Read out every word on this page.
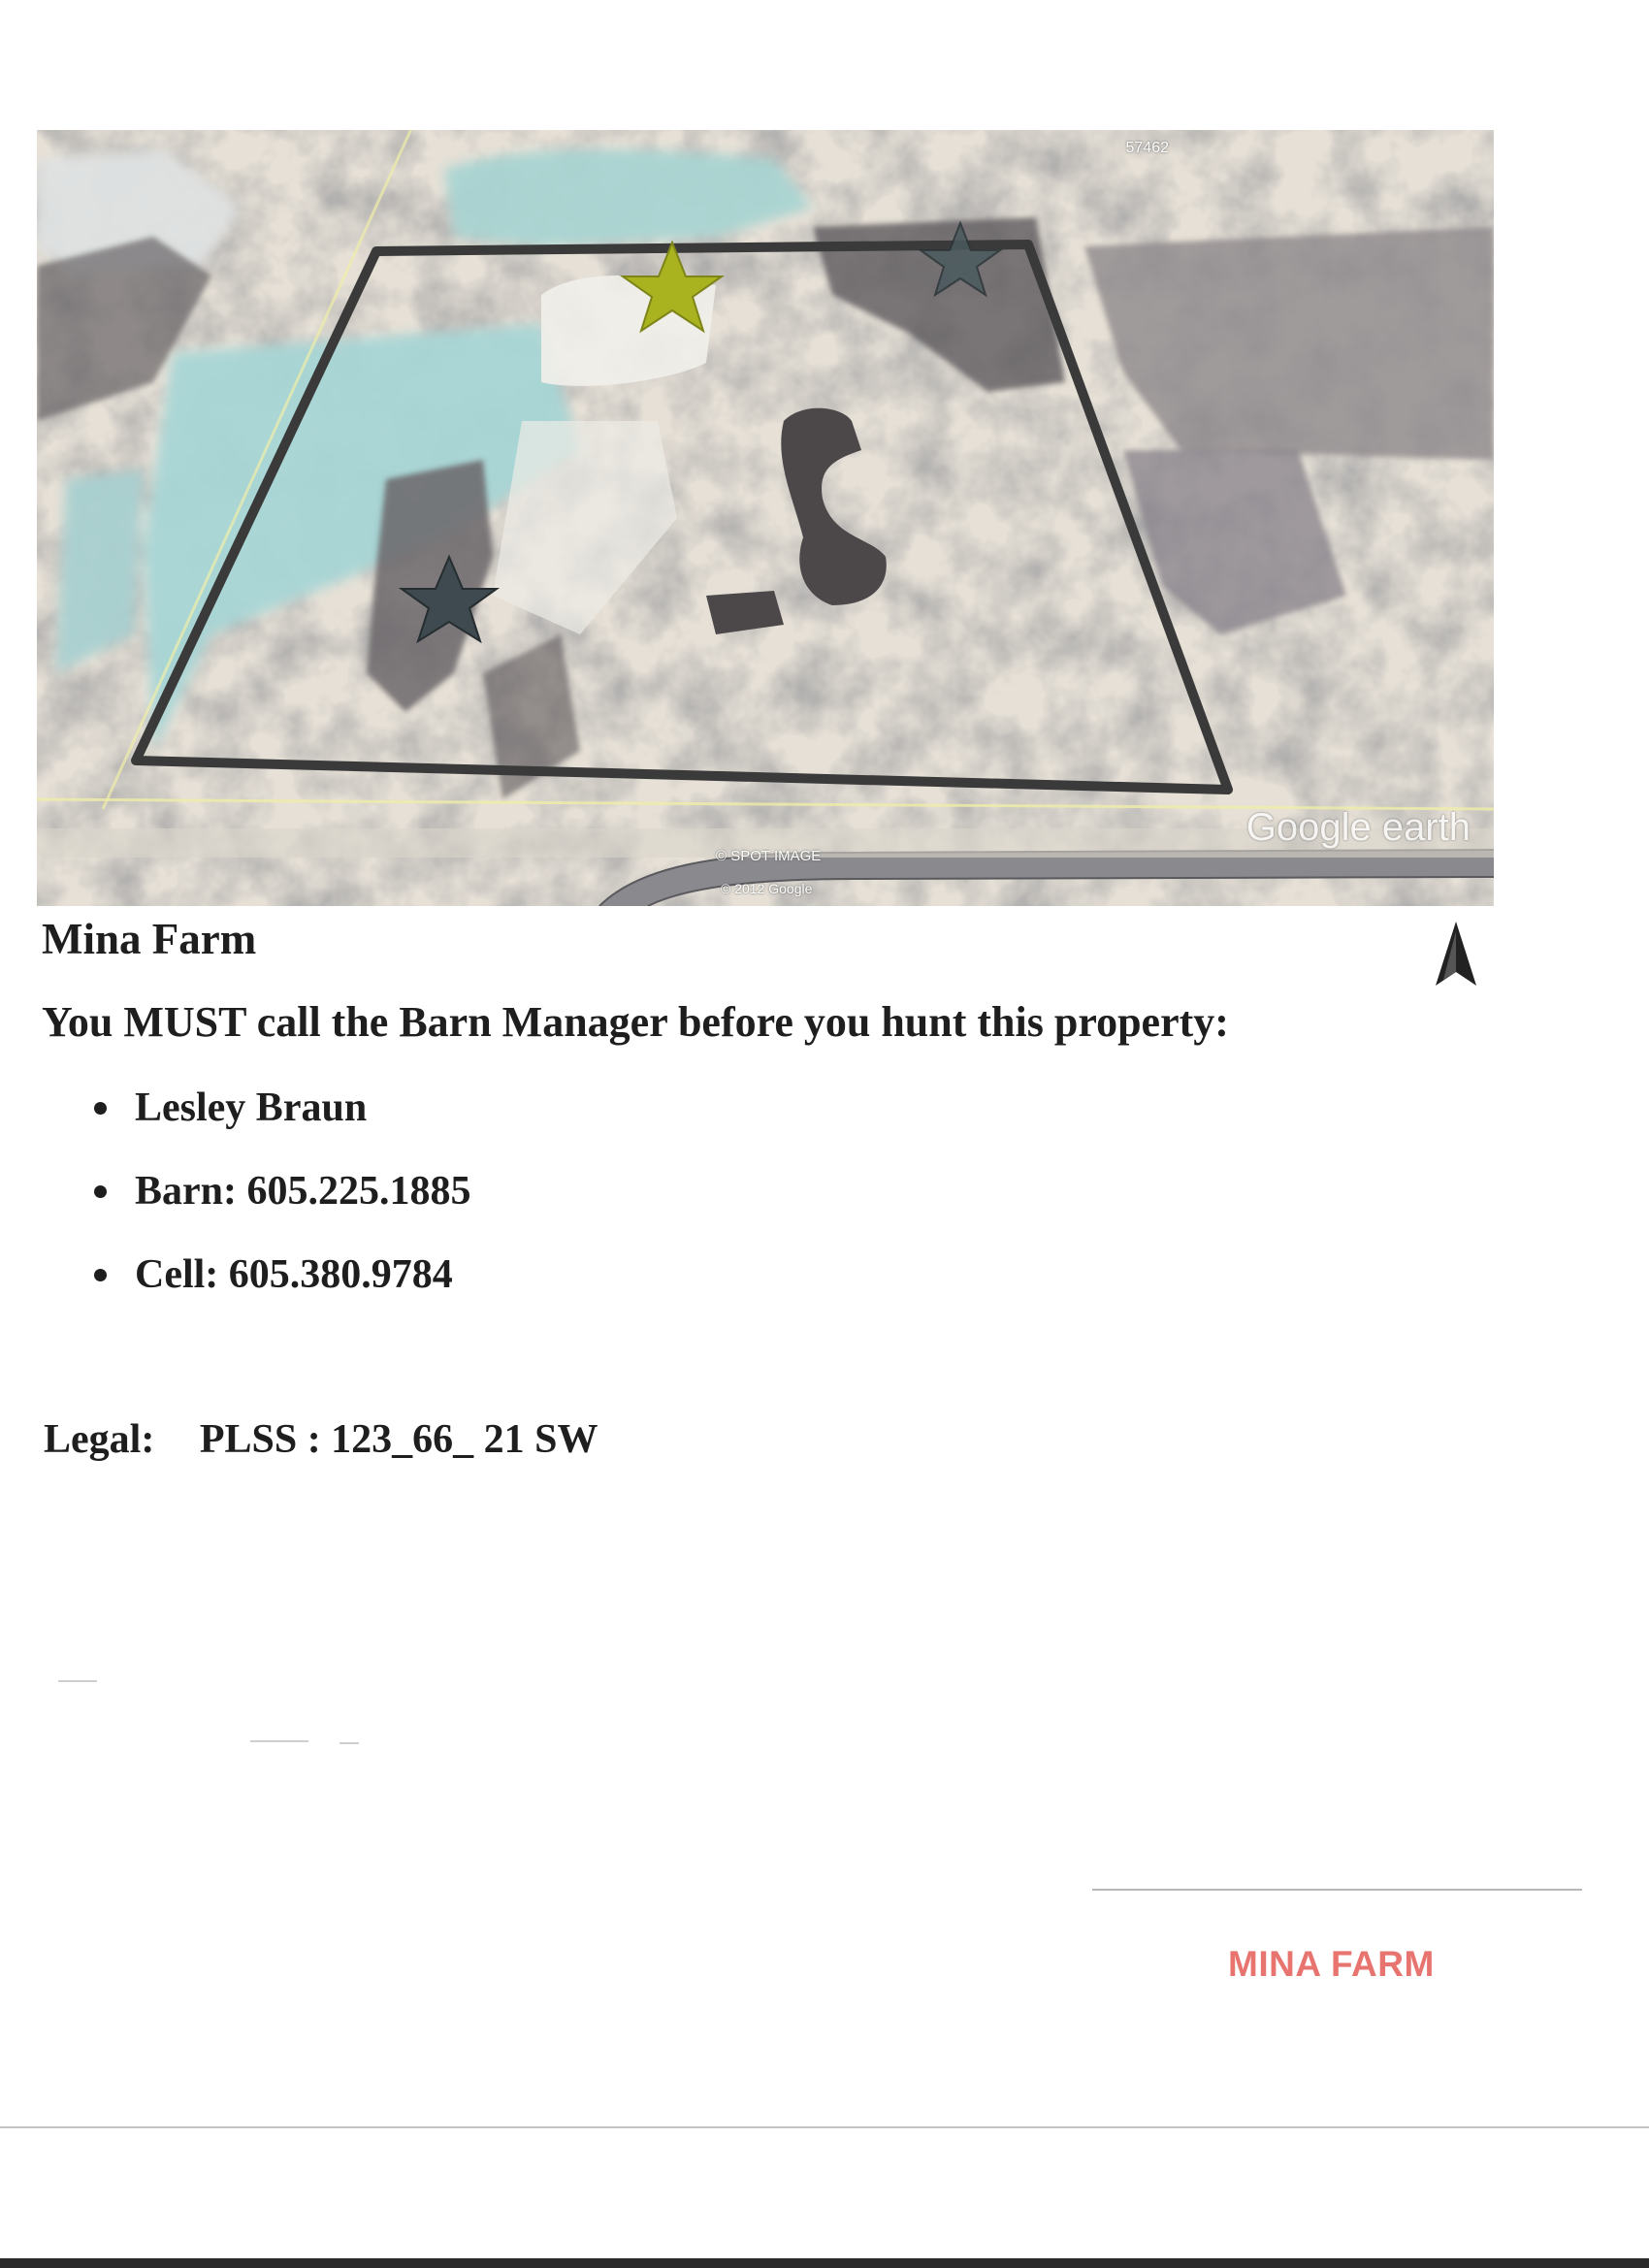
57462
Google earth
© SPOT IMAGE
© 2012 Google
Mina Farm
You MUST call the Barn Manager before you hunt this property:
Lesley Braun
Barn: 605.225.1885
Cell: 605.380.9784
Legal: PLSS : 123_66_ 21 SW
MINA FARM
